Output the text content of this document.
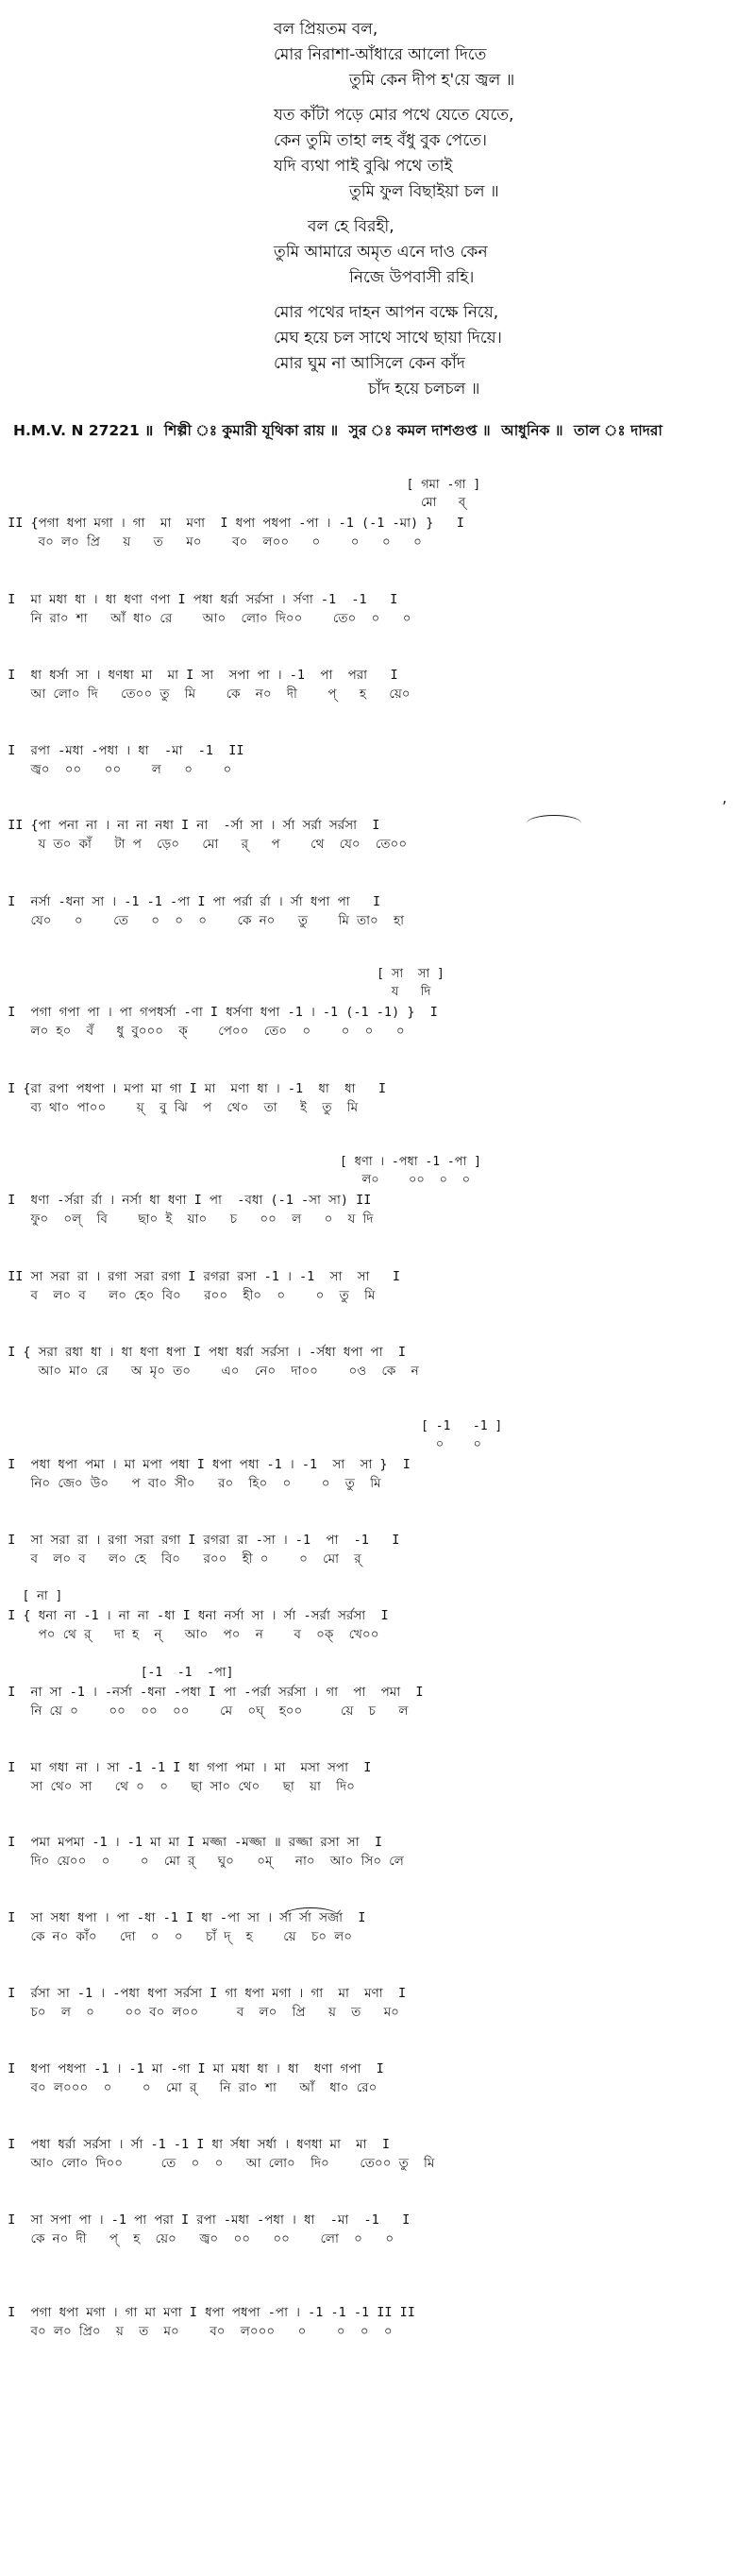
বল প্রিয়তম বল,
মোর নিরাশা-আঁধারে আলো দিতে
তুমি কেন দীপ হ'য়ে জ্বল ॥
যত কাঁটা পড়ে মোর পথে যেতে যেতে,
কেন তুমি তাহা লহ বঁধু বুক পেতে।
যদি ব্যথা পাই বুঝি পথে তাই
তুমি ফুল বিছাইয়া চল ॥
বল হে বিরহী,
তুমি আমারে অমৃত এনে দাও কেন
নিজে উপবাসী রহি।
মোর পথের দাহন আপন বক্ষে নিয়ে,
মেঘ হয়ে চল সাথে সাথে ছায়া দিয়ে।
মোর ঘুম না আসিলে কেন কাঁদ
চাঁদ হয়ে চলচল ॥
H.M.V. N 27221 ॥ শিল্পী ঃ কুমারী যূথিকা রায় ॥ সুর ঃ কমল দাশগুপ্ত ॥ আধুনিক ॥ তাল ঃ দাদরা
[ গমা -গা ]
মো   ব্
II {পগা ধপা মগা । গা  মা  মণা  I ধপা পধপা -পা । -1 (-1 -মা) }   I
ব০ ল০ প্রি   য়   ত   ম০    ব০  ল০০   ০    ০   ০   ০
I  মা মধা ধা । ধা ধণা ণপা I পধা ধর্রা সর্রসা । র্সণা -1  -1   I
নি রা০ শা   আঁ ধা০ রে    আ০  লো০ দি০০    তে০  ০   ০
I  ধা ধর্সা সা । ধণধা মা  মা I সা  সপা পা । -1  পা  পরা   I
আ লো০ দি   তে০০ তু  মি    কে  ন০  দী    প্   হ   য়ে০
I  রপা -মধা -পধা । ধা  -মা  -1  II
জ্ব০  ০০   ০০    ল   ০    ০
II {পা পনা না । না না নধা I না  -র্সা সা । র্সা সর্রা সর্রসা  I
য ত০ কাঁ   টা প  ড়ে০   মো   র্   প    থে  যে০  তে০০
I  নর্সা -ধনা সা । -1 -1 -পা I পা পর্রা র্রা । র্সা ধপা পা   I
যে০   ০    তে   ০  ০  ০    কে ন০   তু    মি তা০  হা
[ সা  সা ]
য   দি
I  পগা গপা পা । পা গপধর্সা -ণা I ধর্সণা ধপা -1 । -1 (-1 -1) }  I
ল০ হ০  বঁ   ধু বু০০০  ক্    পে০০  তে০  ০    ০  ০   ০
I {রা রপা পধপা । মপা মা গা I মা  মণা ধা । -1  ধা  ধা   I
ব্য থা০ পা০০    য়্  বু ঝি  প  থে০  তা   ই  তু  মি
[ ধণা । -পধা -1 -পা ]
ল০    ০০  ০  ০
I  ধণা -র্সরা র্রা । নর্সা ধা ধণা I পা  -বধা (-1 -সা সা) II
ফু০  ০ল্  বি    ছা০ ই  য়া০   চ   ০০  ল   ০  য দি
II সা সরা রা । রগা সরা রগা I রগরা রসা -1 । -1  সা  সা   I
ব  ল০ ব   ল০ হে০ বি০   র০০  হী০  ০    ০  তু  মি
I { সরা রধা ধা । ধা ধণা ধপা I পধা ধর্রা সর্রসা । -র্সধা ধপা পা  I
আ০ মা০ রে   অ মৃ০ ত০    এ০  নে০  দা০০    ০ও  কে  ন
[ -1   -1 ]
০    ০
I  পধা ধপা পমা । মা মপা পধা I ধপা পধা -1 । -1  সা  সা }  I
নি০ জে০ উ০   প বা০ সী০   র০  হি০  ০    ০  তু  মি
I  সা সরা রা । রগা সরা রগা I রগরা রা -সা । -1  পা  -1   I
ব  ল০ ব   ল০ হে  বি০   র০০  হী ০    ০  মো  র্
[ না ]
I { ধনা না -1 । না না -ধা I ধনা নর্সা সা । র্সা -সর্রা সর্রসা  I
প০ থে র্   দা হ  ন্   আ০  প০  ন    ব  ০ক্  খে০০
[-1  -1  -পা]
I  না সা -1 । -নর্সা -ধনা -পধা I পা -পর্রা সর্রসা । গা  পা  পমা  I
নি য়ে ০    ০০  ০০  ০০    মে  ০ঘ্  হ০০     য়ে  চ   ল
I  মা গধা না । সা -1 -1 I ধা গপা পমা । মা  মসা সপা  I
সা থে০ সা   থে ০  ০   ছা সা০ থে০   ছা  য়া  দি০
I  পমা মপমা -1 । -1 মা মা I মজ্জা -মজ্জা ॥ রজ্জা রসা সা  I
দি০ য়ে০০  ০    ০  মো র্   ঘু০   ০ম্   না০  আ০ সি০ লে
I  সা সধা ধপা । পা -ধা -1 I ধা -পা সা । র্সা র্সা সর্জা  I
কে ন০ কাঁ০   দো  ০  ০   চাঁ দ্  হ    য়ে  চ০ ল০
I  র্রসা সা -1 । -পধা ধপা সর্রসা I গা ধপা মগা । গা  মা  মণা  I
চ০  ল  ০    ০০ ব০ ল০০     ব  ল০  প্রি   য়  ত   ম০
I  ধপা পধপা -1 । -1 মা -গা I মা মধা ধা । ধা  ধণা গপা  I
ব০ ল০০০  ০    ০  মো র্   নি রা০ শা   আঁ  ধা০ রে০
I  পধা ধর্রা সর্রসা । র্সা -1 -1 I ধা র্সধা সর্ধা । ধণধা মা  মা  I
আ০ লো০ দি০০     তে  ০  ০   আ লো০  দি০    তে০০ তু  মি
I  সা সপা পা । -1 পা পরা I রপা -মধা -পধা । ধা  -মা  -1   I
কে ন০ দী   প্  হ  য়ে০   জ্ব০  ০০   ০০    লো  ০   ০
I  পগা ধপা মগা । গা মা মণা I ধপা পধপা -পা । -1 -1 -1 II II
ব০ ল০ প্রি০  য়  ত  ম০    ব০  ল০০০   ০    ০  ০  ০
‚
